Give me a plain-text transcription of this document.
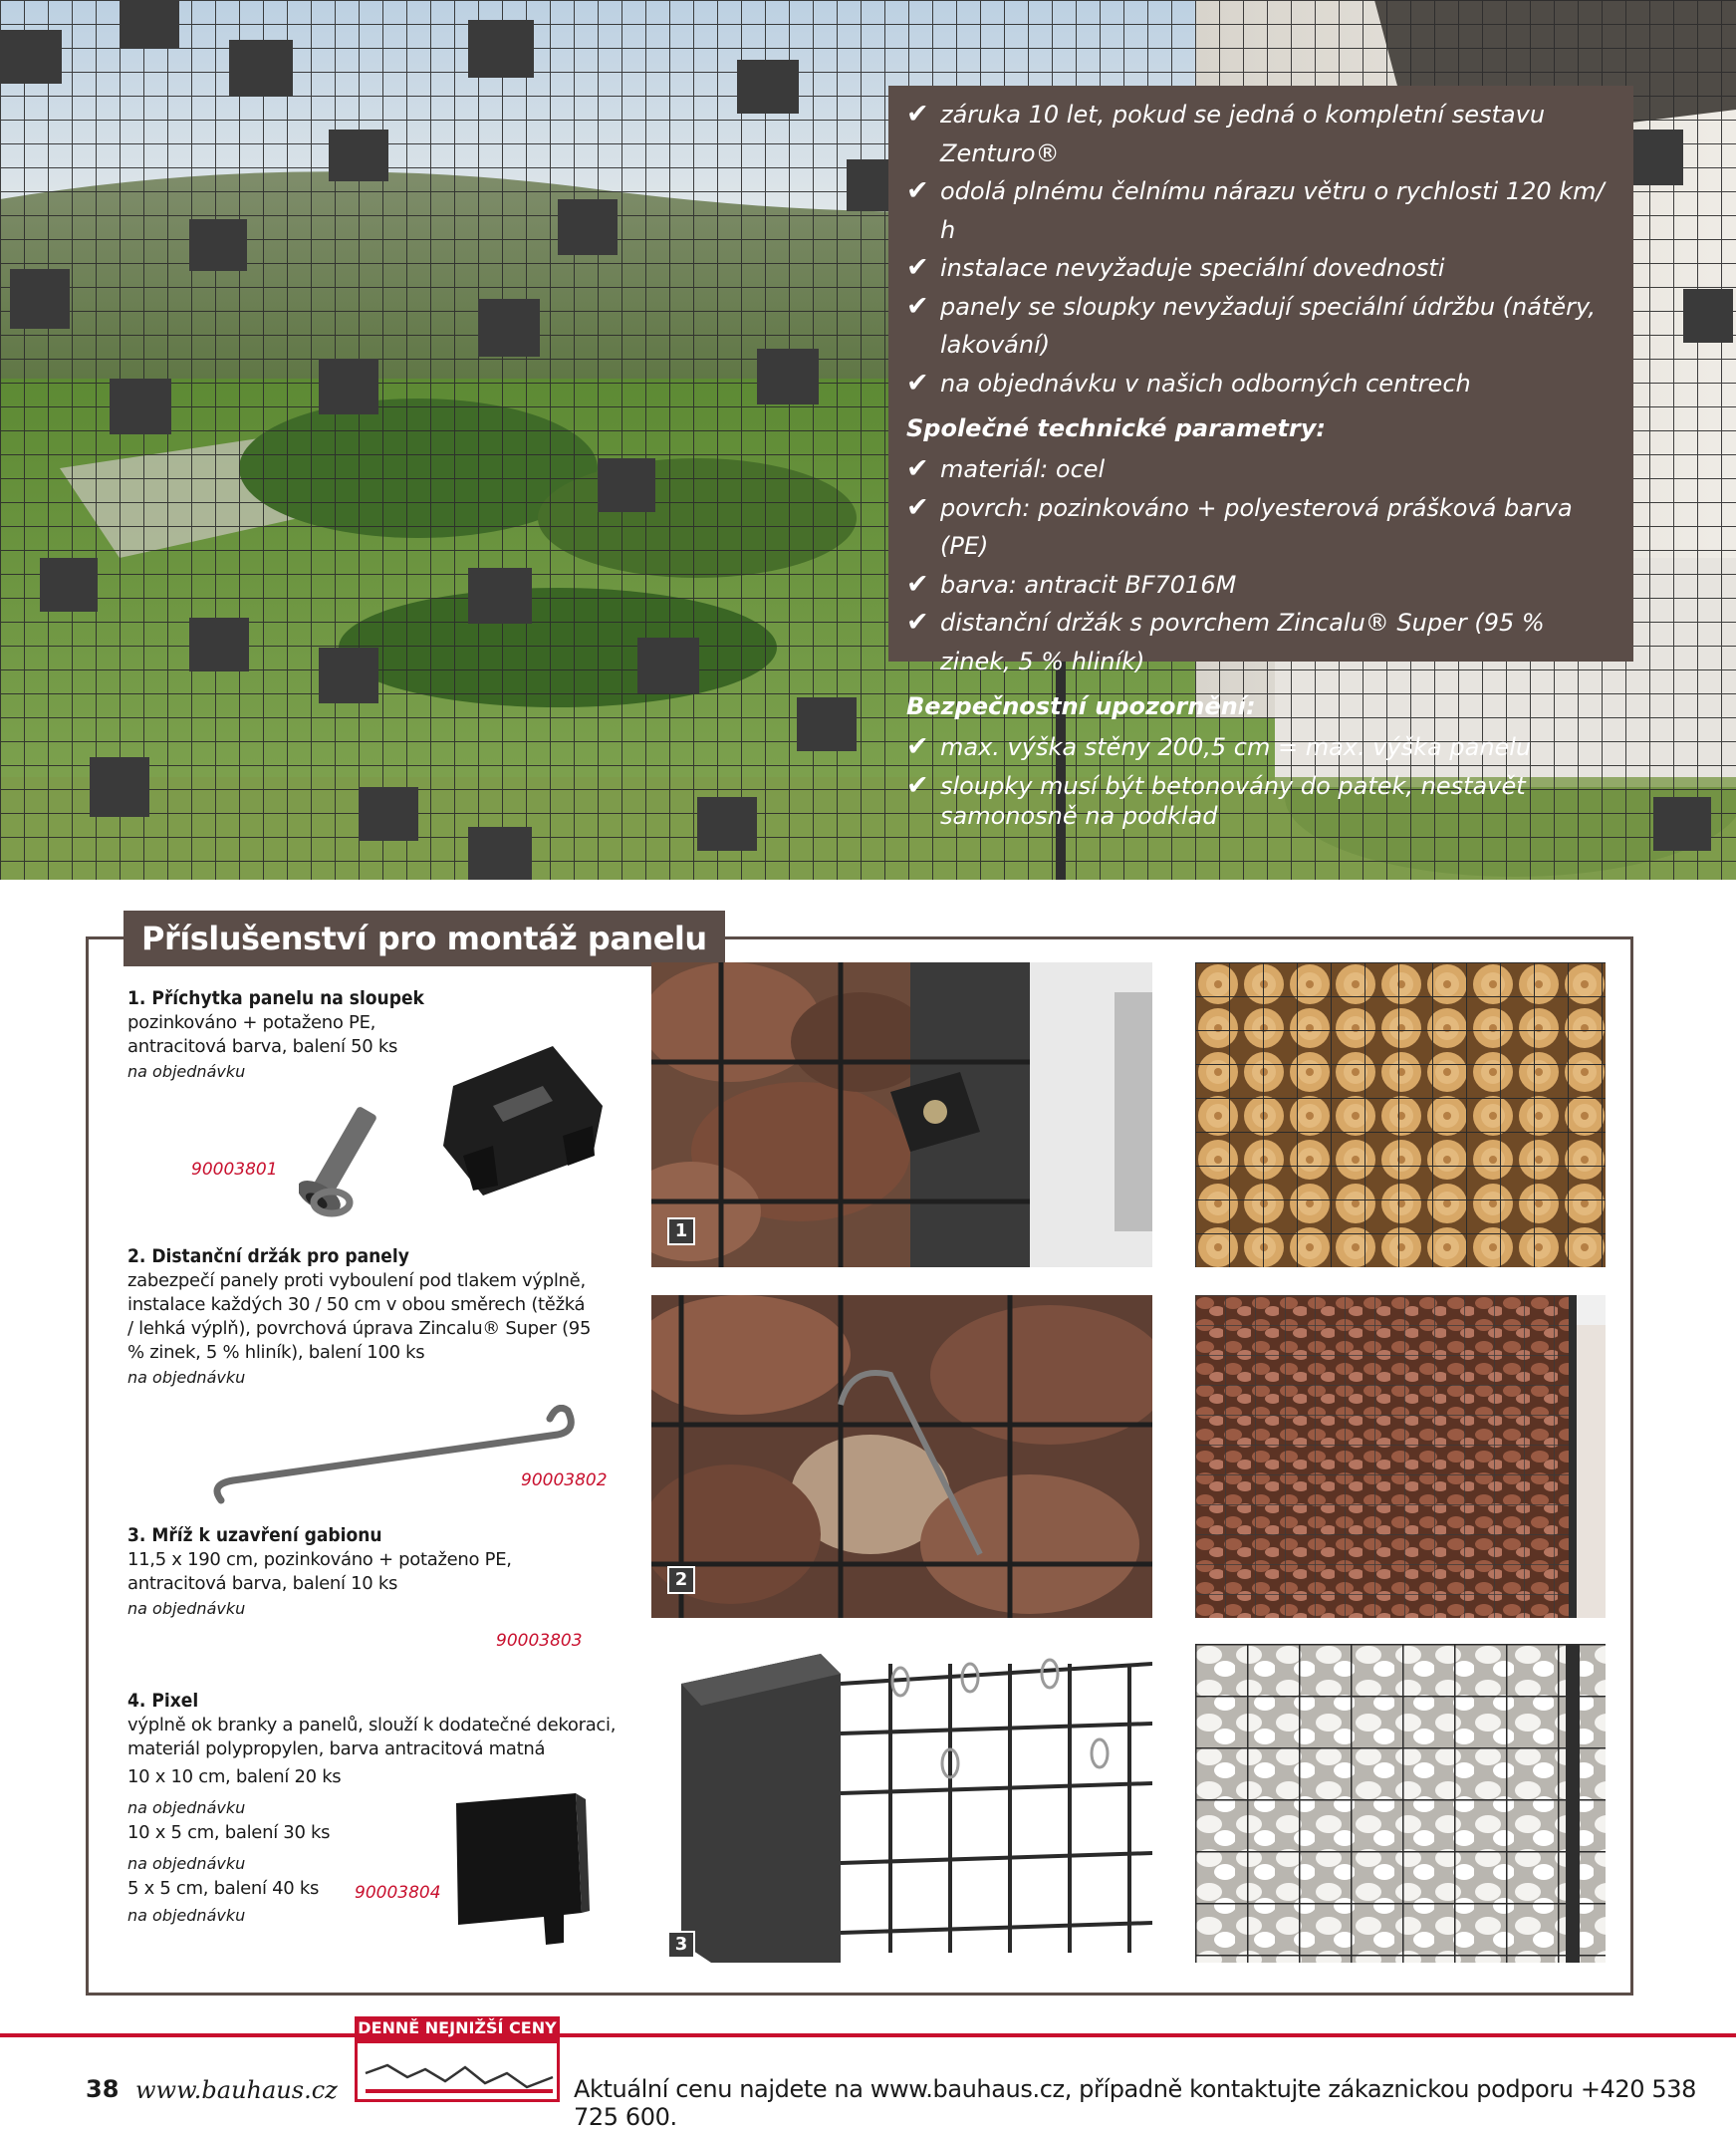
✔ záruka 10 let, pokud se jedná o kompletní sestavu Zenturo®
✔ odolá plnému čelnímu nárazu větru o rychlosti 120 km/ h
✔ instalace nevyžaduje speciální dovednosti
✔ panely se sloupky nevyžadují speciální údržbu (nátěry, lakování)
✔ na objednávku v našich odborných centrech
Společné technické parametry:
✔ materiál: ocel
✔ povrch: pozinkováno + polyesterová prášková barva (PE)
✔ barva: antracit BF7016M
✔ distanční držák s povrchem Zincalu® Super (95 % zinek, 5 % hliník)
Bezpečnostní upozornění:
✔ max. výška stěny 200,5 cm = max. výška panelu
✔ sloupky musí být betonovány do patek, nestavět samonosně na podklad
Příslušenství pro montáž panelu
1. Příchytka panelu na sloupek
pozinkováno + potaženo PE, antracitová barva, balení 50 ks
na objednávku
90003801
2. Distanční držák pro panely
zabezpečí panely proti vyboulení pod tlakem výplně, instalace každých 30 / 50 cm v obou směrech (těžká / lehká výplň), povrchová úprava Zincalu® Super (95 % zinek, 5 % hliník), balení 100 ks
na objednávku
90003802
3. Mříž k uzavření gabionu
11,5 x 190 cm, pozinkováno + potaženo PE, antracitová barva, balení 10 ks
na objednávku
90003803
4. Pixel
výplně ok branky a panelů, slouží k dodatečné dekoraci, materiál polypropylen, barva antracitová matná
10 x 10 cm, balení 20 ks
na objednávku
10 x 5 cm, balení 30 ks
na objednávku
5 x 5 cm, balení 40 ks
na objednávku
90003804
1
2
3
38 www.bauhaus.cz
DENNĚ NEJNIŽŠÍ CENY
Aktuální cenu najdete na www.bauhaus.cz, případně kontaktujte zákaznickou podporu +420 538 725 600.
